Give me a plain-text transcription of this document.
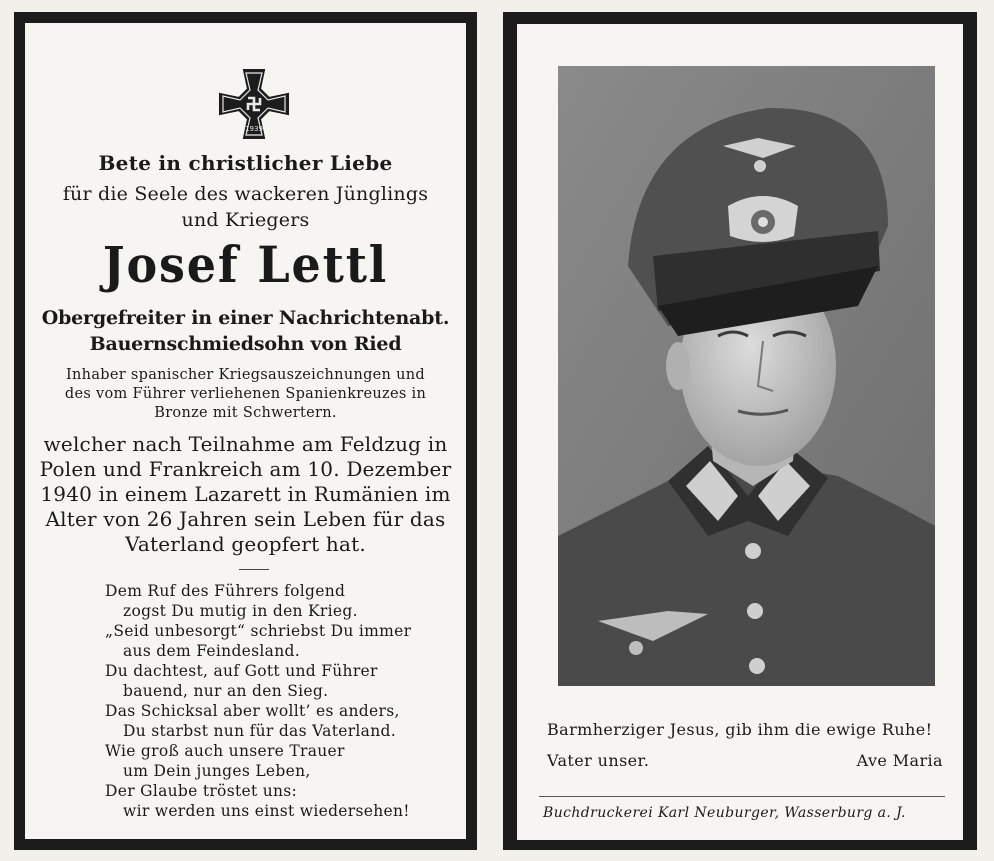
1939
Bete in christlicher Liebe
für die Seele des wackeren Jünglings
und Kriegers
Josef Lettl
Obergefreiter in einer Nachrichtenabt.
Bauernschmiedsohn von Ried
Inhaber spanischer Kriegsauszeichnungen und
des vom Führer verliehenen Spanienkreuzes in
Bronze mit Schwertern.
welcher nach Teilnahme am Feldzug in
Polen und Frankreich am 10. Dezember
1940 in einem Lazarett in Rumänien im
Alter von 26 Jahren sein Leben für das
Vaterland geopfert hat.
Dem Ruf des Führers folgend
zogst Du mutig in den Krieg.
„Seid unbesorgt“ schriebst Du immer
aus dem Feindesland.
Du dachtest, auf Gott und Führer
bauend, nur an den Sieg.
Das Schicksal aber wollt’ es anders,
Du starbst nun für das Vaterland.
Wie groß auch unsere Trauer
um Dein junges Leben,
Der Glaube tröstet uns:
wir werden uns einst wiedersehen!
Barmherziger Jesus, gib ihm die ewige Ruhe!
Vater unser.	Ave Maria
Buchdruckerei Karl Neuburger, Wasserburg a. J.
